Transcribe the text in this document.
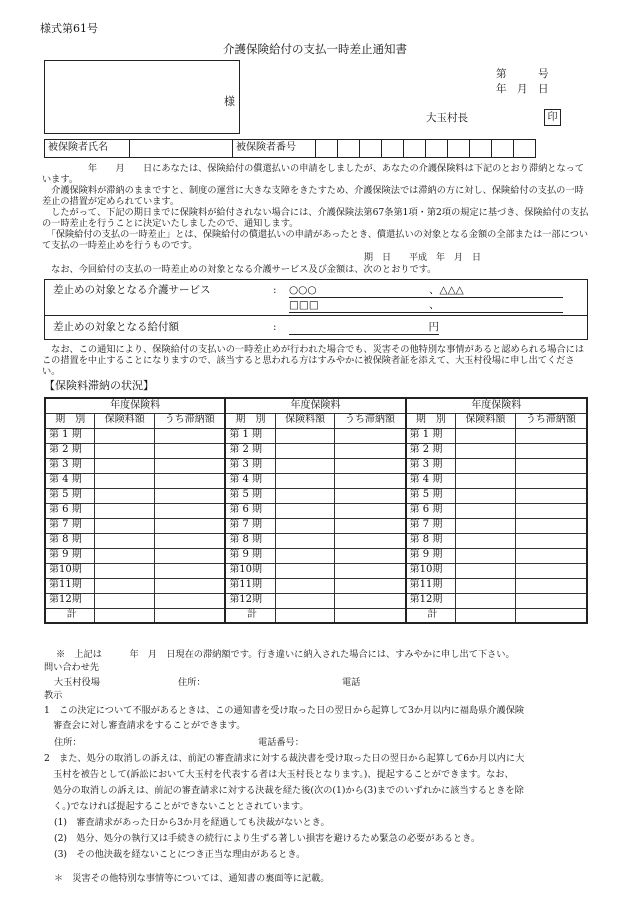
様式第61号
介護保険給付の支払一時差止通知書
様
第　　　号
年　月　日
大玉村長	印
被保険者氏名		被保険者番号										
　　　　　年　　月　　日にあなたは、保険給付の償還払いの申請をしましたが、あなたの介護保険料は下記のとおり滞納となっています。
　介護保険料が滞納のままですと、制度の運営に大きな支障をきたすため、介護保険法では滞納の方に対し、保険給付の支払の一時差止の措置が定められています。
　したがって、下記の期日までに保険料が給付されない場合には、介護保険法第67条第1項・第2項の規定に基づき、保険給付の支払の一時差止を行うことに決定いたしましたので、通知します。
　「保険給付の支払の一時差止」とは、保険給付の償還払いの申請があったとき、償還払いの対象となる金額の全部または一部について支払の一時差止めを行うものです。
期　日　　平成　年　月　日
　なお、今回給付の支払の一時差止めの対象となる介護サービス及び金額は、次のとおりです。
差止めの対象となる介護サービス	: ○○○	、△△△
□□□	、
差止めの対象となる給付額	:	円
　なお、この通知により、保険給付の支払いの一時差止めが行われた場合でも、災害その他特別な事情があると認められる場合にはこの措置を中止することになりますので、該当すると思われる方はすみやかに被保険者証を添えて、大玉村役場に申し出てください。
【保険料滞納の状況】
年度保険料			年度保険料			年度保険料		
期　別	保険料額	うち滞納額	期　別	保険料額	うち滞納額	期　別	保険料額	うち滞納額
第 1 期			第 1 期			第 1 期		
第 2 期			第 2 期			第 2 期		
第 3 期			第 3 期			第 3 期		
第 4 期			第 4 期			第 4 期		
第 5 期			第 5 期			第 5 期		
第 6 期			第 6 期			第 6 期		
第 7 期			第 7 期			第 7 期		
第 8 期			第 8 期			第 8 期		
第 9 期			第 9 期			第 9 期		
第10期			第10期			第10期		
第11期			第11期			第11期		
第12期			第12期			第12期		
計			計			計		
※　上記は　　　年　月　日現在の滞納額です。行き違いに納入された場合には、すみやかに申し出て下さい。
問い合わせ先
大玉村役場	住所：	電話
教示
1　この決定について不服があるときは、この通知書を受け取った日の翌日から起算して3か月以内に福島県介護保険
　審査会に対し審査請求をすることができます。
住所：	電話番号：
2　また、処分の取消しの訴えは、前記の審査請求に対する裁決書を受け取った日の翌日から起算して6か月以内に大
　玉村を被告として(訴訟において大玉村を代表する者は大玉村長となります。)、提起することができます。なお、
　処分の取消しの訴えは、前記の審査請求に対する決裁を経た後(次の(1)から(3)までのいずれかに該当するときを除
　く。)でなければ提起することができないこととされています。
(1)　審査請求があった日から3か月を経過しても決裁がないとき。
(2)　処分、処分の執行又は手続きの続行により生ずる著しい損害を避けるため緊急の必要があるとき。
(3)　その他決裁を経ないことにつき正当な理由があるとき。
＊　災害その他特別な事情等については、通知書の裏面等に記載。
